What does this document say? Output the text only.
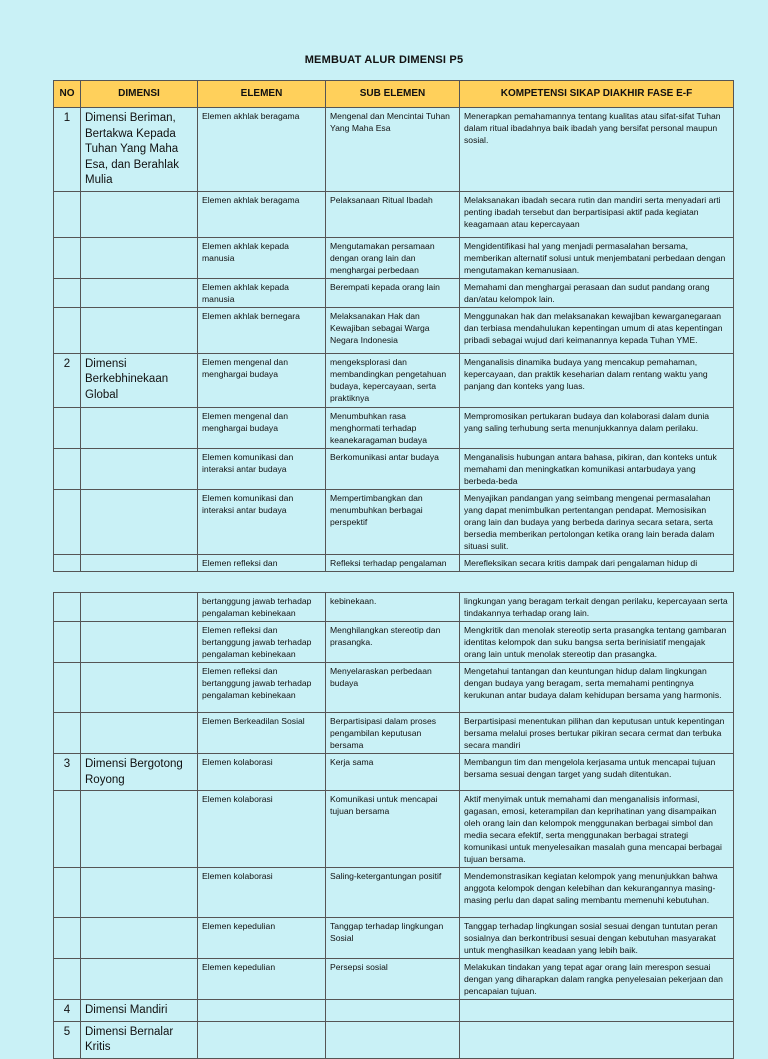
MEMBUAT ALUR DIMENSI P5
NO	DIMENSI	ELEMEN	SUB ELEMEN	KOMPETENSI SIKAP DIAKHIR FASE E-F
1	Dimensi Beriman, Bertakwa Kepada Tuhan Yang Maha Esa, dan Berahlak Mulia	Elemen akhlak beragama	Mengenal dan Mencintai Tuhan Yang Maha Esa	Menerapkan pemahamannya tentang kualitas atau sifat-sifat Tuhan dalam ritual ibadahnya baik ibadah yang bersifat personal maupun sosial.
		Elemen akhlak beragama	Pelaksanaan Ritual Ibadah	Melaksanakan ibadah secara rutin dan mandiri serta menyadari arti penting ibadah tersebut dan berpartisipasi aktif pada kegiatan keagamaan atau kepercayaan
		Elemen akhlak kepada manusia	Mengutamakan persamaan dengan orang lain dan menghargai perbedaan	Mengidentifikasi hal yang menjadi permasalahan bersama, memberikan alternatif solusi untuk menjembatani perbedaan dengan mengutamakan kemanusiaan.
		Elemen akhlak kepada manusia	Berempati kepada orang lain	Memahami dan menghargai perasaan dan sudut pandang orang dan/atau kelompok lain.
		Elemen akhlak bernegara	Melaksanakan Hak dan Kewajiban sebagai Warga Negara Indonesia	Menggunakan hak dan melaksanakan kewajiban kewarganegaraan dan terbiasa mendahulukan kepentingan umum di atas kepentingan pribadi sebagai wujud dari keimanannya kepada Tuhan YME.
2	Dimensi Berkebhinekaan Global	Elemen mengenal dan menghargai budaya	mengeksplorasi dan membandingkan pengetahuan budaya, kepercayaan, serta praktiknya	Menganalisis dinamika budaya yang mencakup pemahaman, kepercayaan, dan praktik keseharian dalam rentang waktu yang panjang dan konteks yang luas.
		Elemen mengenal dan menghargai budaya	Menumbuhkan rasa menghormati terhadap keanekaragaman budaya	Mempromosikan pertukaran budaya dan kolaborasi dalam dunia yang saling terhubung serta menunjukkannya dalam perilaku.
		Elemen komunikasi dan interaksi antar budaya	Berkomunikasi antar budaya	Menganalisis hubungan antara bahasa, pikiran, dan konteks untuk memahami dan meningkatkan komunikasi antarbudaya yang berbeda-beda
		Elemen komunikasi dan interaksi antar budaya	Mempertimbangkan dan menumbuhkan berbagai perspektif	Menyajikan pandangan yang seimbang mengenai permasalahan yang dapat menimbulkan pertentangan pendapat. Memosisikan orang lain dan budaya yang berbeda darinya secara setara, serta bersedia memberikan pertolongan ketika orang lain berada dalam situasi sulit.
		Elemen refleksi dan	Refleksi terhadap pengalaman	Merefleksikan secara kritis dampak dari pengalaman hidup di
		bertanggung jawab terhadap pengalaman kebinekaan	kebinekaan.	lingkungan yang beragam terkait dengan perilaku, kepercayaan serta tindakannya terhadap orang lain.
		Elemen refleksi dan bertanggung jawab terhadap pengalaman kebinekaan	Menghilangkan stereotip dan prasangka.	Mengkritik dan menolak stereotip serta prasangka tentang gambaran identitas kelompok dan suku bangsa serta berinisiatif mengajak orang lain untuk menolak stereotip dan prasangka.
		Elemen refleksi dan bertanggung jawab terhadap pengalaman kebinekaan	Menyelaraskan perbedaan budaya	Mengetahui tantangan dan keuntungan hidup dalam lingkungan dengan budaya yang beragam, serta memahami pentingnya kerukunan antar budaya dalam kehidupan bersama yang harmonis.
		Elemen Berkeadilan Sosial	Berpartisipasi dalam proses pengambilan keputusan bersama	Berpartisipasi menentukan pilihan dan keputusan untuk kepentingan bersama melalui proses bertukar pikiran secara cermat dan terbuka secara mandiri
3	Dimensi Bergotong Royong	Elemen kolaborasi	Kerja sama	Membangun tim dan mengelola kerjasama untuk mencapai tujuan bersama sesuai dengan target yang sudah ditentukan.
		Elemen kolaborasi	Komunikasi untuk mencapai tujuan bersama	Aktif menyimak untuk memahami dan menganalisis informasi, gagasan, emosi, keterampilan dan keprihatinan yang disampaikan oleh orang lain dan kelompok menggunakan berbagai simbol dan media secara efektif, serta menggunakan berbagai strategi komunikasi untuk menyelesaikan masalah guna mencapai berbagai tujuan bersama.
		Elemen kolaborasi	Saling-ketergantungan positif	Mendemonstrasikan kegiatan kelompok yang menunjukkan bahwa anggota kelompok dengan kelebihan dan kekurangannya masing-masing perlu dan dapat saling membantu memenuhi kebutuhan.
		Elemen kepedulian	Tanggap terhadap lingkungan Sosial	Tanggap terhadap lingkungan sosial sesuai dengan tuntutan peran sosialnya dan berkontribusi sesuai dengan kebutuhan masyarakat untuk menghasilkan keadaan yang lebih baik.
		Elemen kepedulian	Persepsi sosial	Melakukan tindakan yang tepat agar orang lain merespon sesuai dengan yang diharapkan dalam rangka penyelesaian pekerjaan dan pencapaian tujuan.
4	Dimensi Mandiri			
5	Dimensi Bernalar Kritis			
